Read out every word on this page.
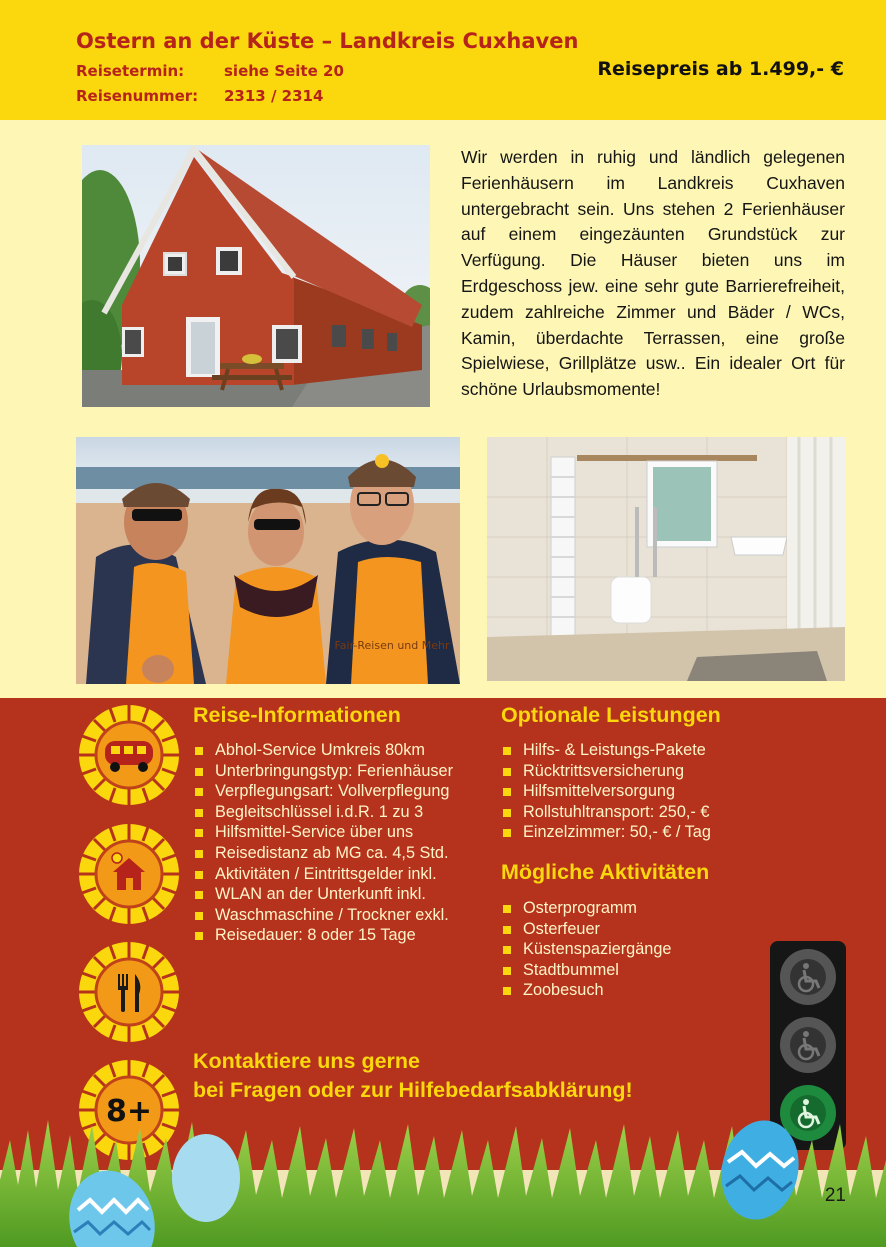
Ostern an der Küste – Landkreis Cuxhaven
Reisetermin:	siehe Seite 20
Reisenummer: 2313 / 2314
Reisepreis ab 1.499,- €
Wir werden in ruhig und ländlich gelegenen Ferienhäusern im Landkreis Cuxhaven untergebracht sein. Uns stehen 2 Ferienhäuser auf einem eingezäunten Grundstück zur Verfügung. Die Häuser bieten uns im Erdgeschoss jew. eine sehr gute Barrierefreiheit, zudem zahlreiche Zimmer und Bäder / WCs, Kamin, überdachte Terrassen, eine große Spielwiese, Grillplätze usw.. Ein idealer Ort für schöne Urlaubsmomente!
Fair-Reisen und Mehr
8+
Reise-Informationen
Abhol-Service Umkreis 80km
Unterbringungstyp: Ferienhäuser
Verpflegungsart: Vollverpflegung
Begleitschlüssel i.d.R. 1 zu 3
Hilfsmittel-Service über uns
Reisedistanz ab MG ca. 4,5 Std.
Aktivitäten / Eintrittsgelder inkl.
WLAN an der Unterkunft inkl.
Waschmaschine / Trockner exkl.
Reisedauer: 8 oder 15 Tage
Optionale Leistungen
Hilfs- & Leistungs-Pakete
Rücktrittsversicherung
Hilfsmittelversorgung
Rollstuhltransport: 250,- €
Einzelzimmer: 50,- € / Tag
Mögliche Aktivitäten
Osterprogramm
Osterfeuer
Küstenspaziergänge
Stadtbummel
Zoobesuch
Kontaktiere uns gerne
bei Fragen oder zur Hilfebedarfsabklärung!
21
